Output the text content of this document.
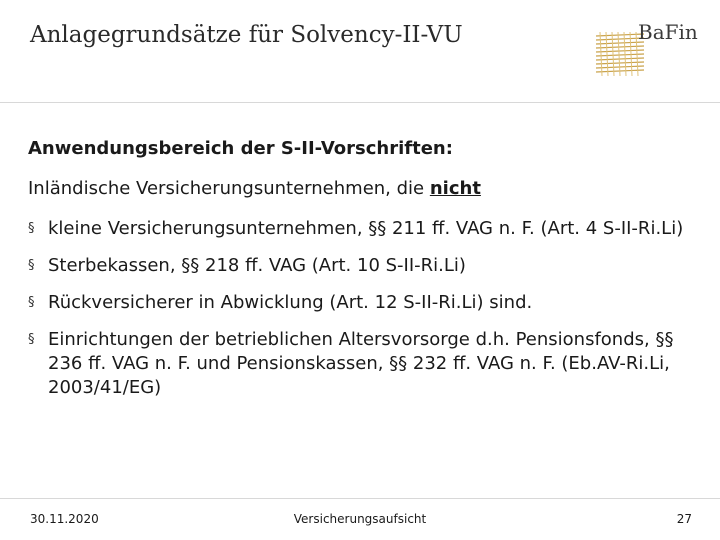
Anlagegrundsätze für Solvency-II-VU	BaFin

Anwendungsbereich der S-II-Vorschriften:

Inländische Versicherungsunternehmen, die nicht

§ kleine Versicherungsunternehmen, §§ 211 ff. VAG n. F. (Art. 4 S-II-Ri.Li)
§ Sterbekassen, §§ 218 ff. VAG (Art. 10 S-II-Ri.Li)
§ Rückversicherer in Abwicklung (Art. 12 S-II-Ri.Li) sind.
§ Einrichtungen der betrieblichen Altersvorsorge d.h. Pensionsfonds, §§ 236 ff. VAG n. F. und Pensionskassen, §§ 232 ff. VAG n. F. (Eb.AV-Ri.Li, 2003/41/EG)
30.11.2020	Versicherungsaufsicht	27
